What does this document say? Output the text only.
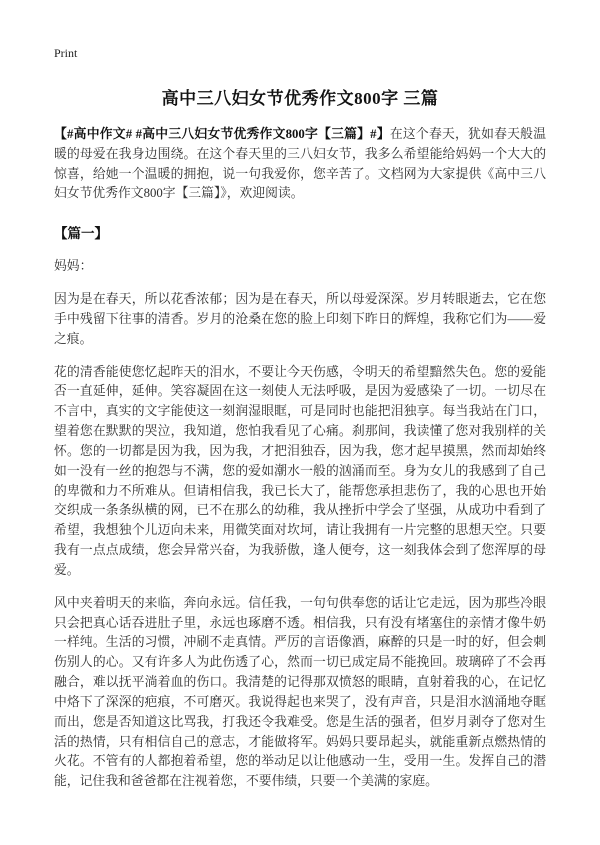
Print
高中三八妇女节优秀作文800字 三篇

【#高中作文# #高中三八妇女节优秀作文800字【三篇】#】在这个春天，犹如春天般温暖的母爱在我身边围绕。在这个春天里的三八妇女节，我多么希望能给妈妈一个大大的惊喜，给她一个温暖的拥抱，说一句我爱你，您辛苦了。文档网为大家提供《高中三八妇女节优秀作文800字【三篇】》，欢迎阅读。

【篇一】

妈妈：

因为是在春天，所以花香浓郁；因为是在春天，所以母爱深深。岁月转眼逝去，它在您手中残留下往事的清香。岁月的沧桑在您的脸上印刻下昨日的辉煌，我称它们为——爱之痕。

花的清香能使您忆起昨天的泪水，不要让今天伤感，令明天的希望黯然失色。您的爱能否一直延伸，延伸。笑容凝固在这一刻使人无法呼吸，是因为爱感染了一切。一切尽在不言中，真实的文字能使这一刻润湿眼眶，可是同时也能把泪独享。每当我站在门口，望着您在默默的哭泣，我知道，您怕我看见了心痛。刹那间，我读懂了您对我别样的关怀。您的一切都是因为我，因为我，才把泪独吞，因为我，您才起早摸黑，然而却始终如一没有一丝的抱怨与不满，您的爱如潮水一般的汹涌而至。身为女儿的我感到了自己的卑微和力不所难从。但请相信我，我已长大了，能帮您承担悲伤了，我的心思也开始交织成一条条纵横的网，已不在那么的幼稚，我从挫折中学会了坚强，从成功中看到了希望，我想独个儿迈向未来，用微笑面对坎坷，请让我拥有一片完整的思想天空。只要我有一点点成绩，您会异常兴奋，为我骄傲，逢人便夸，这一刻我体会到了您浑厚的母爱。

风中夹着明天的来临，奔向永远。信任我，一句句供奉您的话让它走远，因为那些冷眼只会把真心话吞进肚子里，永远也琢磨不透。相信我，只有没有堵塞住的亲情才像牛奶一样纯。生活的习惯，冲刷不走真情。严厉的言语像酒，麻醉的只是一时的好，但会刺伤别人的心。又有许多人为此伤透了心，然而一切已成定局不能挽回。玻璃碎了不会再融合，难以抚平淌着血的伤口。我清楚的记得那双愤怒的眼睛，直射着我的心，在记忆中烙下了深深的疤痕，不可磨灭。我说得起也来哭了，没有声音，只是泪水汹涌地夺眶而出，您是否知道这比骂我，打我还令我难受。您是生活的强者，但岁月剥夺了您对生活的热情，只有相信自己的意志，才能做将军。妈妈只要昂起头，就能重新点燃热情的火花。不管有的人都抱着希望，您的举动足以让他感动一生，受用一生。发挥自己的潜能，记住我和爸爸都在注视着您，不要伟绩，只要一个美满的家庭。
